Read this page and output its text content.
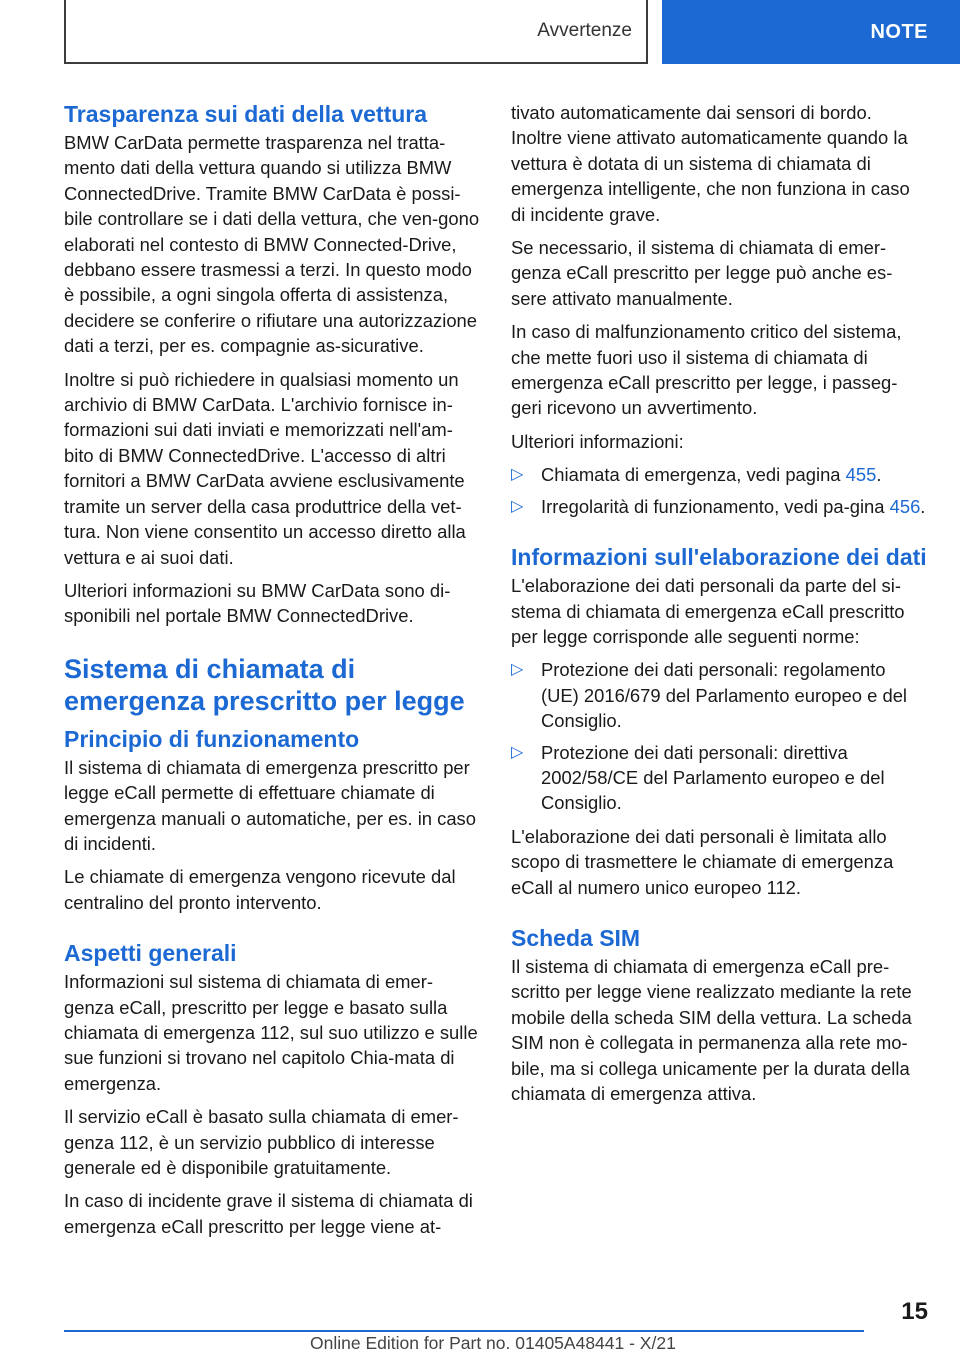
Avvertenze	NOTE
Trasparenza sui dati della vettura

BMW CarData permette trasparenza nel tratta-mento dati della vettura quando si utilizza BMW ConnectedDrive. Tramite BMW CarData è possi-bile controllare se i dati della vettura, che ven-gono elaborati nel contesto di BMW Connected-Drive, debbano essere trasmessi a terzi. In questo modo è possibile, a ogni singola offerta di assistenza, decidere se conferire o rifiutare una autorizzazione dati a terzi, per es. compagnie as-sicurative.

Inoltre si può richiedere in qualsiasi momento un archivio di BMW CarData. L'archivio fornisce in-formazioni sui dati inviati e memorizzati nell'am-bito di BMW ConnectedDrive. L'accesso di altri fornitori a BMW CarData avviene esclusivamente tramite un server della casa produttrice della vet-tura. Non viene consentito un accesso diretto alla vettura e ai suoi dati.

Ulteriori informazioni su BMW CarData sono di-sponibili nel portale BMW ConnectedDrive.

Sistema di chiamata di emergenza prescritto per legge
Principio di funzionamento

Il sistema di chiamata di emergenza prescritto per legge eCall permette di effettuare chiamate di emergenza manuali o automatiche, per es. in caso di incidenti.

Le chiamate di emergenza vengono ricevute dal centralino del pronto intervento.

Aspetti generali

Informazioni sul sistema di chiamata di emer-genza eCall, prescritto per legge e basato sulla chiamata di emergenza 112, sul suo utilizzo e sulle sue funzioni si trovano nel capitolo Chia-mata di emergenza.

Il servizio eCall è basato sulla chiamata di emer-genza 112, è un servizio pubblico di interesse generale ed è disponibile gratuitamente.

In caso di incidente grave il sistema di chiamata di emergenza eCall prescritto per legge viene at-

tivato automaticamente dai sensori di bordo. Inoltre viene attivato automaticamente quando la vettura è dotata di un sistema di chiamata di emergenza intelligente, che non funziona in caso di incidente grave.

Se necessario, il sistema di chiamata di emer-genza eCall prescritto per legge può anche es-sere attivato manualmente.

In caso di malfunzionamento critico del sistema, che mette fuori uso il sistema di chiamata di emergenza eCall prescritto per legge, i passeg-geri ricevono un avvertimento.

Ulteriori informazioni:

▷ Chiamata di emergenza, vedi pagina 455.
▷ Irregolarità di funzionamento, vedi pa-gina 456.
Informazioni sull'elaborazione dei dati

L'elaborazione dei dati personali da parte del si-stema di chiamata di emergenza eCall prescritto per legge corrisponde alle seguenti norme:

▷ Protezione dei dati personali: regolamento (UE) 2016/679 del Parlamento europeo e del Consiglio.
▷ Protezione dei dati personali: direttiva 2002/58/CE del Parlamento europeo e del Consiglio.

L'elaborazione dei dati personali è limitata allo scopo di trasmettere le chiamate di emergenza eCall al numero unico europeo 112.

Scheda SIM

Il sistema di chiamata di emergenza eCall pre-scritto per legge viene realizzato mediante la rete mobile della scheda SIM della vettura. La scheda SIM non è collegata in permanenza alla rete mo-bile, ma si collega unicamente per la durata della chiamata di emergenza attiva.

15
Online Edition for Part no. 01405A48441 - X/21
